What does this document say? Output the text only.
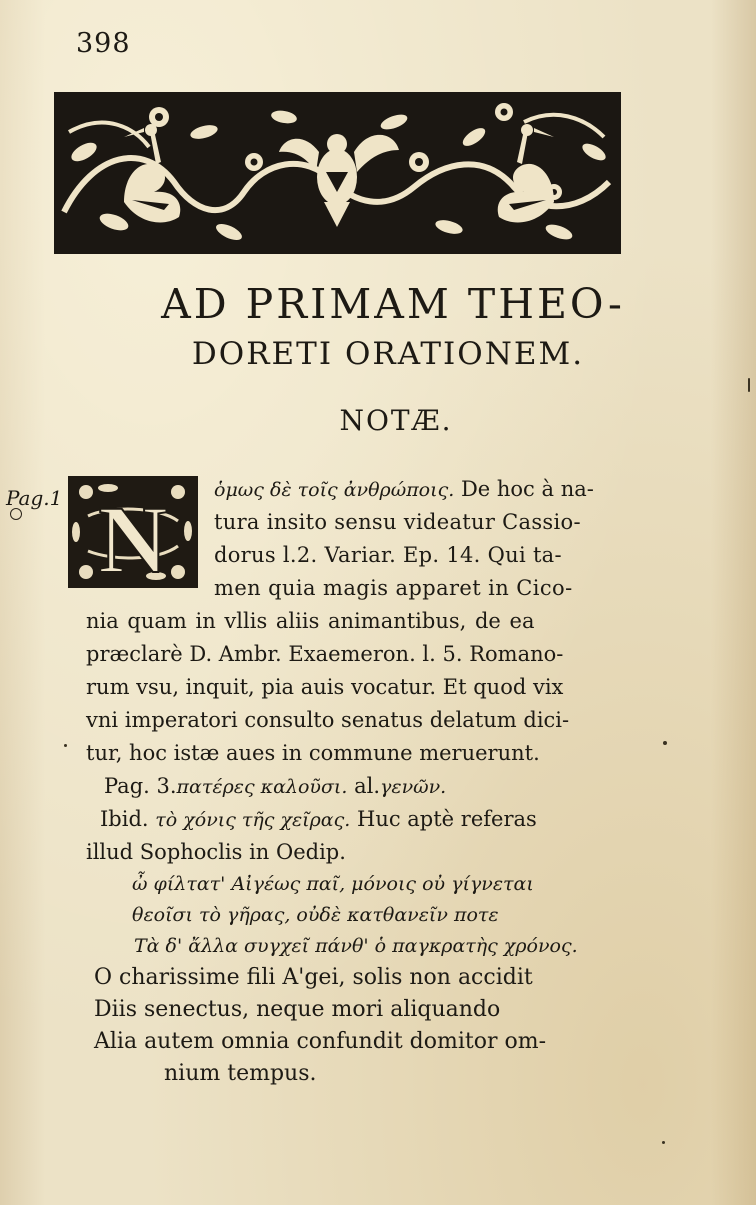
398
AD PRIMAM THEO-
DORETI ORATIONEM.
NOTÆ.
Pag.1 N ὁμως δὲ τοῖς ἀνθρώποις. De hoc à na-
tura insito sensu videatur Cassio-
dorus l.2. Variar. Ep. 14. Qui ta-
men quia magis apparet in Cico-
nia quam in vllis aliis animantibus, de ea
præclarè D. Ambr. Exaemeron. l. 5. Romano-
rum vsu, inquit, pia auis vocatur. Et quod vix
vni imperatori consulto senatus delatum dici-
tur, hoc istæ aues in commune meruerunt.
Pag. 3.πατέρες καλοῦσι. al.γενῶν.
Ibid. τὸ χόνις τῆς χεῖρας. Huc aptè referas
illud Sophoclis in Oedip.
ὦ φίλτατ' Αἰγέως παῖ, μόνοις οὐ γίγνεται
θεοῖσι τὸ γῆρας, οὐδὲ κατθανεῖν ποτε
Τὰ δ' ἄλλα συγχεῖ πάνθ' ὁ παγκρατὴς χρόνος.
O charissime fili A'gei, solis non accidit
Diis senectus, neque mori aliquando
Alia autem omnia confundit domitor om-
nium tempus.
